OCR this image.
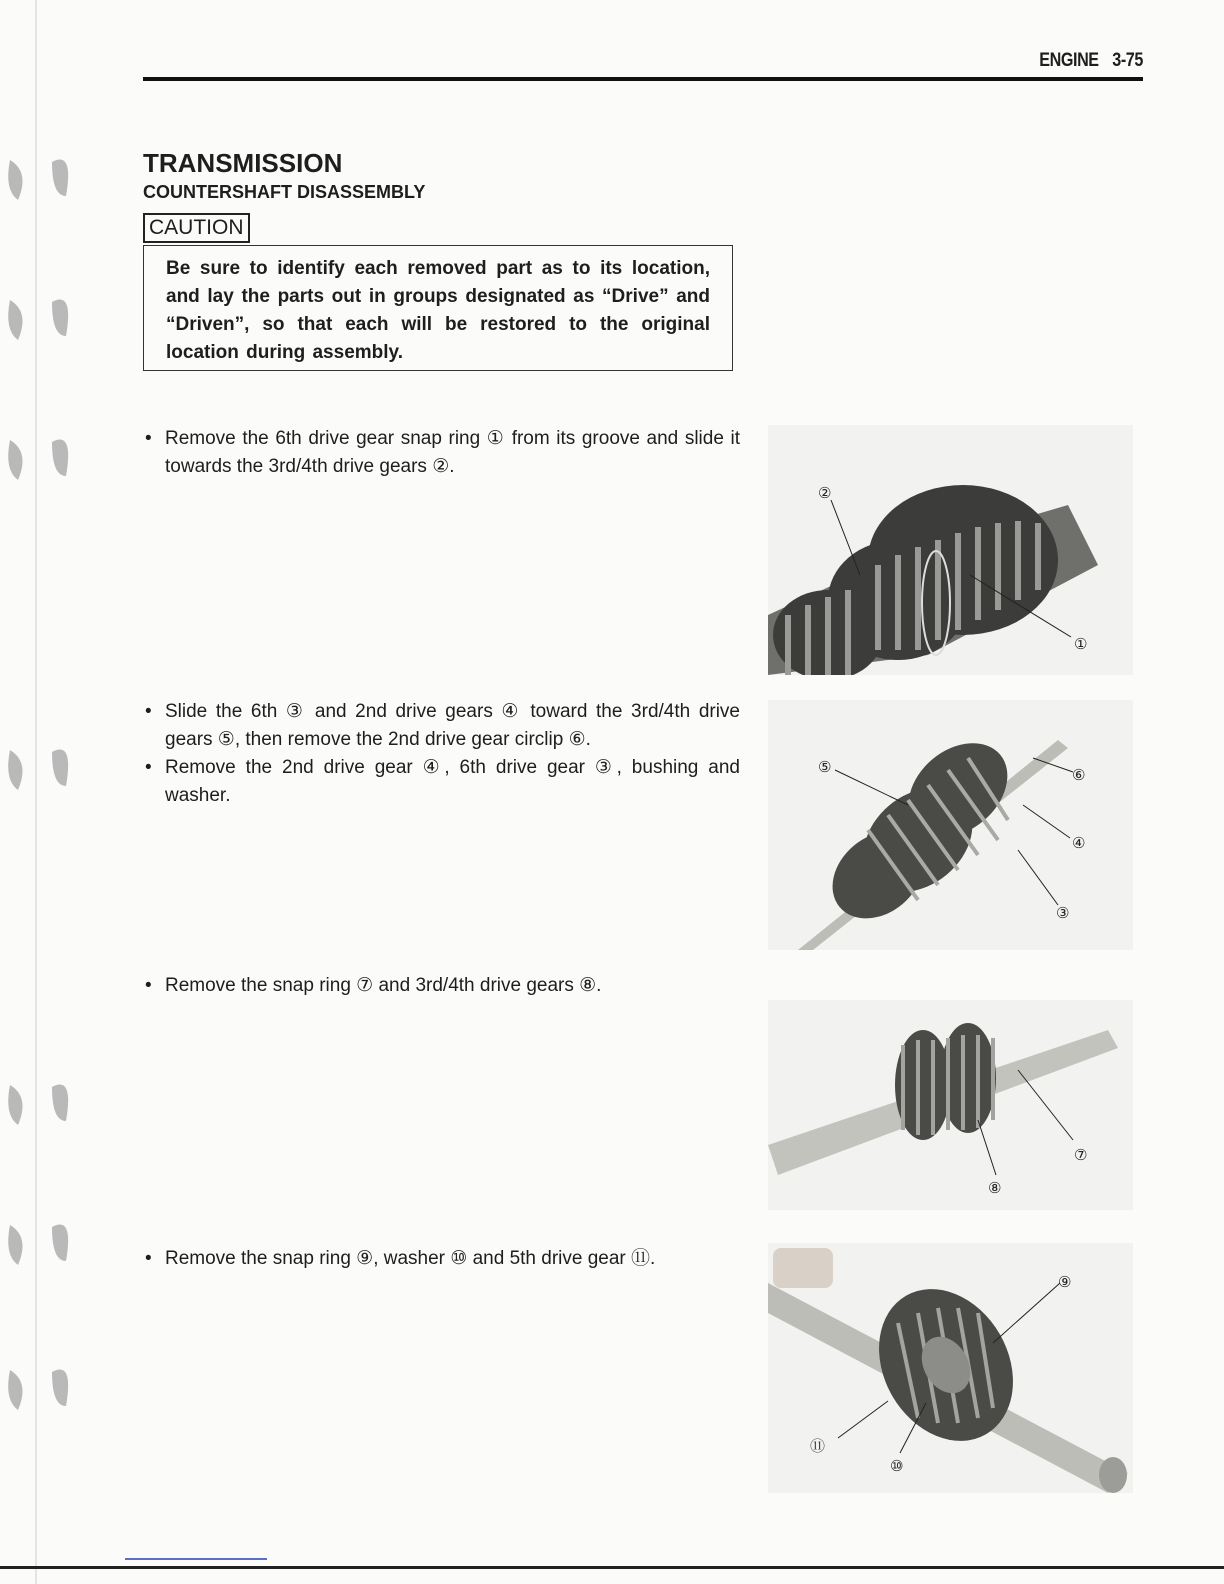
ENGINE 3-75
TRANSMISSION
COUNTERSHAFT DISASSEMBLY
CAUTION

Be sure to identify each removed part as to its location, and lay the parts out in groups designated as “Drive” and “Driven”, so that each will be restored to the original location during assembly.

• Remove the 6th drive gear snap ring ① from its groove and slide it towards the 3rd/4th drive gears ②.
②
①
• Slide the 6th ③ and 2nd drive gears ④ toward the 3rd/4th drive gears ⑤, then remove the 2nd drive gear circlip ⑥.
• Remove the 2nd drive gear ④, 6th drive gear ③, bushing and washer.
⑤	⑥
④
③
• Remove the snap ring ⑦ and 3rd/4th drive gears ⑧.
⑦
⑧
• Remove the snap ring ⑨, washer ⑩ and 5th drive gear ⑪.
⑨
⑪
⑩
